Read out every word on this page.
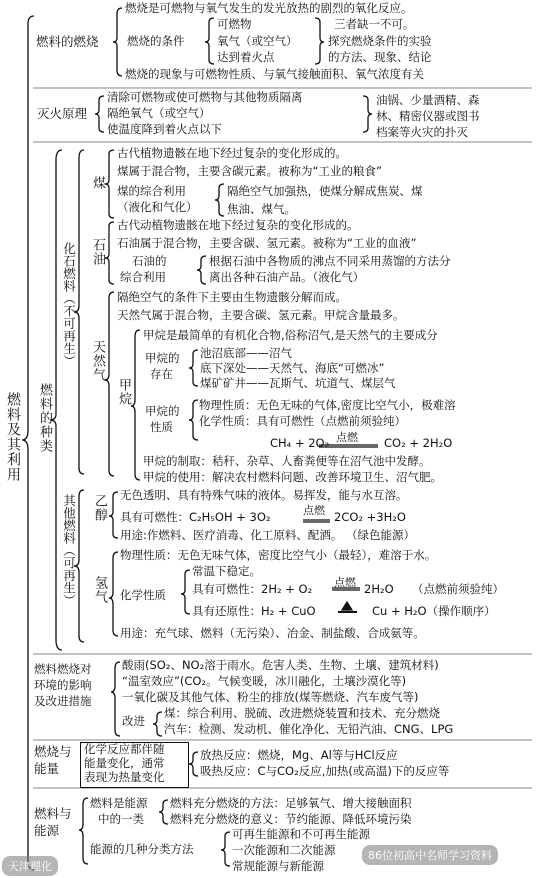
燃料及其利用
燃料的燃烧
燃烧是可燃物与氧气发生的发光放热的剧烈的氧化反应。
燃烧的条件
可燃物
氧气（或空气）
达到着火点
三者缺一不可。
探究燃烧条件的实验
的方法、现象、结论
燃烧的现象与可燃物性质、与氧气接触面积、氧气浓度有关
灭火原理
清除可燃物或使可燃物与其他物质隔离
隔绝氧气（或空气）
使温度降到着火点以下
油锅、少量酒精、森
林、精密仪器或图书
档案等火灾的扑灭
燃料的种类
化石燃料（不可再生）
煤
古代植物遗骸在地下经过复杂的变化形成的。
煤属于混合物，主要含碳元素。被称为“工业的粮食”
煤的综合利用
（液化和气化）
隔绝空气加强热，使煤分解成焦炭、煤
焦油、煤气。
石油
古代动植物遗骸在地下经过复杂的变化形成的。
石油属于混合物，主要含碳、氢元素。被称为“工业的血液”
石油的
综合利用
根据石油中各物质的沸点不同采用蒸馏的方法分
离出各种石油产品。（液化气）
天然气
隔绝空气的条件下主要由生物遗骸分解而成。
天然气属于混合物，主要含碳、氢元素。甲烷含量最多。
甲烷
甲烷是最简单的有机化合物,俗称沼气,是天然气的主要成分
甲烷的
存在
池沼底部——沼气
底下深处——天然气、海底“可燃冰”
煤矿矿井——瓦斯气、坑道气、煤层气
甲烷的
性质
物理性质：无色无味的气体,密度比空气小，极难溶
化学性质：具有可燃性（点燃前须验纯）
CH₄ + 2O₂ 点燃 CO₂ + 2H₂O
甲烷的制取：秸秆、杂草、人畜粪便等在沼气池中发酵。
甲烷的使用：解决农村燃料问题、改善环境卫生、沼气肥。
其他燃料（可再生） 乙醇 无色透明、具有特殊气味的液体。易挥发，能与水互溶。
具有可燃性：C₂H₅OH + 3O₂	点燃 2CO₂ +3H₂O
用途:作燃料、医疗消毒、化工原料、配酒。 （绿色能源）
氢气
物理性质：无色无味气体，密度比空气小（最轻），难溶于水。
化学性质
常温下稳定。
具有可燃性：2H₂ + O₂ 点燃 2H₂O （点燃前须验纯）
具有还原性：H₂ + CuO	Cu + H₂O（操作顺序）
用途：充气球、燃料（无污染）、冶金、制盐酸、合成氨等。
燃料燃烧对
环境的影响
及改进措施
酸雨(SO₂、NO₂溶于雨水。危害人类、生物、土壤、建筑材料)
“温室效应”(CO₂。气候变暖，冰川融化，土壤沙漠化等)
一氧化碳及其他气体、粉尘的排放(煤等燃烧、汽车废气等)
改进
煤：综合利用、脱硫、改进燃烧装置和技术、充分燃烧
汽车：检测、发动机、催化净化、无铅汽油、CNG、LPG
燃烧与
能量
化学反应都伴随
能量变化，通常
表现为热量变化
放热反应：燃烧，Mg、Al等与HCl反应
吸热反应：C与CO₂反应,加热(或高温)下的反应等
燃料与
能源
燃料是能源
中的一类
燃料充分燃烧的方法：足够氧气、增大接触面积
燃料充分燃烧的意义：节约能源、降低环境污染
能源的几种分类方法
可再生能源和不可再生能源
一次能源和二次能源
常规能源与新能源
天津理化
86位初高中名师学习资料
